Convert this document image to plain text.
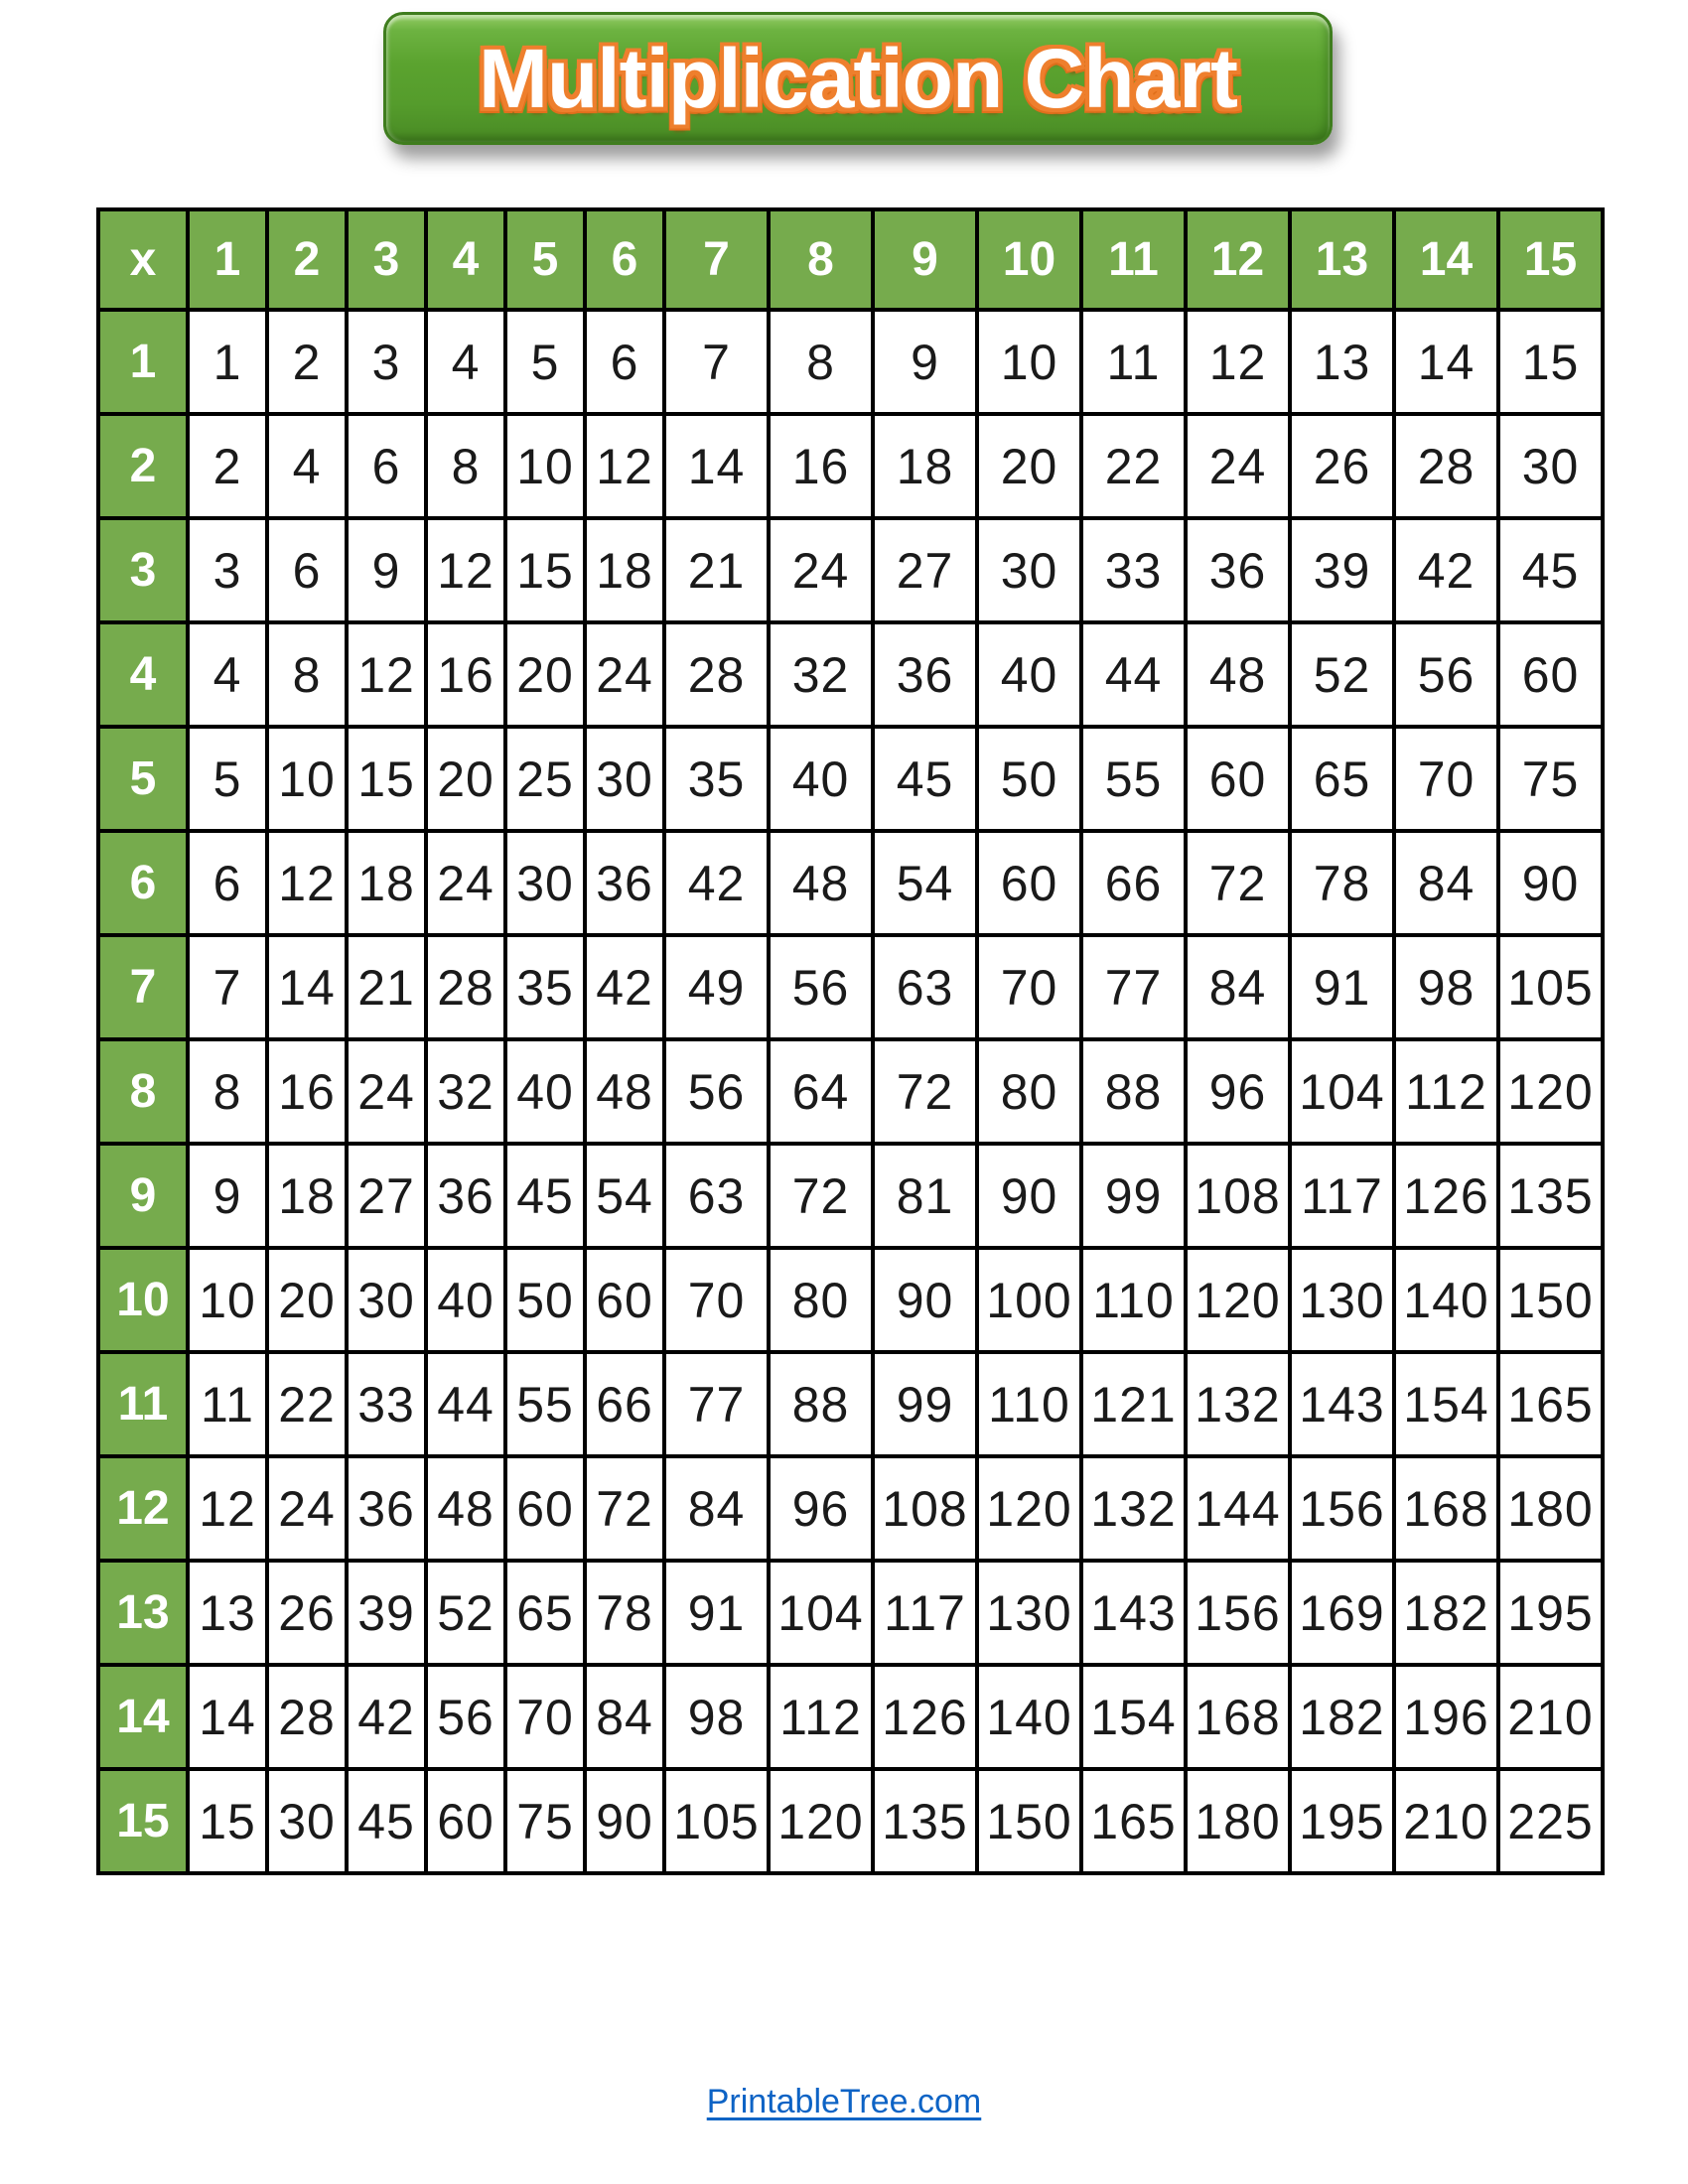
Multiplication Chart
x	1	2	3	4	5	6	7	8	9	10	11	12	13	14	15
1	1	2	3	4	5	6	7	8	9	10	11	12	13	14	15
2	2	4	6	8	10	12	14	16	18	20	22	24	26	28	30
3	3	6	9	12	15	18	21	24	27	30	33	36	39	42	45
4	4	8	12	16	20	24	28	32	36	40	44	48	52	56	60
5	5	10	15	20	25	30	35	40	45	50	55	60	65	70	75
6	6	12	18	24	30	36	42	48	54	60	66	72	78	84	90
7	7	14	21	28	35	42	49	56	63	70	77	84	91	98	105
8	8	16	24	32	40	48	56	64	72	80	88	96	104	112	120
9	9	18	27	36	45	54	63	72	81	90	99	108	117	126	135
10	10	20	30	40	50	60	70	80	90	100	110	120	130	140	150
11	11	22	33	44	55	66	77	88	99	110	121	132	143	154	165
12	12	24	36	48	60	72	84	96	108	120	132	144	156	168	180
13	13	26	39	52	65	78	91	104	117	130	143	156	169	182	195
14	14	28	42	56	70	84	98	112	126	140	154	168	182	196	210
15	15	30	45	60	75	90	105	120	135	150	165	180	195	210	225
PrintableTree.com
